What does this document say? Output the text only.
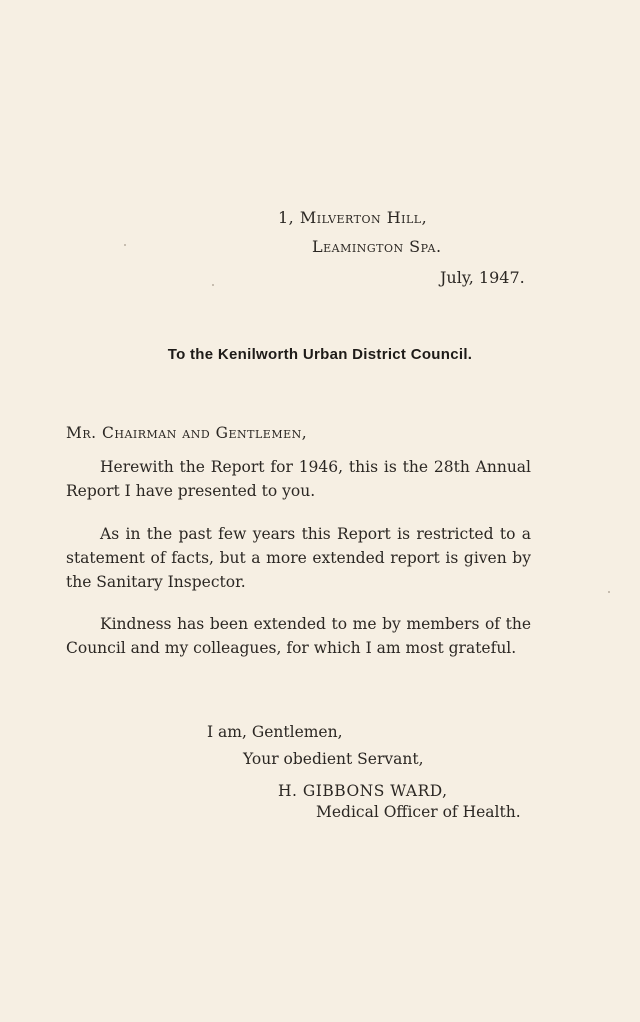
1, Milverton Hill,
Leamington Spa.
July, 1947.
To the Kenilworth Urban District Council.
Mr. Chairman and Gentlemen,
Herewith the Report for 1946, this is the 28th Annual Report I have presented to you.
As in the past few years this Report is restricted to a statement of facts, but a more extended report is given by the Sanitary Inspector.
Kindness has been extended to me by members of the Council and my colleagues, for which I am most grateful.
I am, Gentlemen,
Your obedient Servant,
H. GIBBONS WARD,
Medical Officer of Health.
